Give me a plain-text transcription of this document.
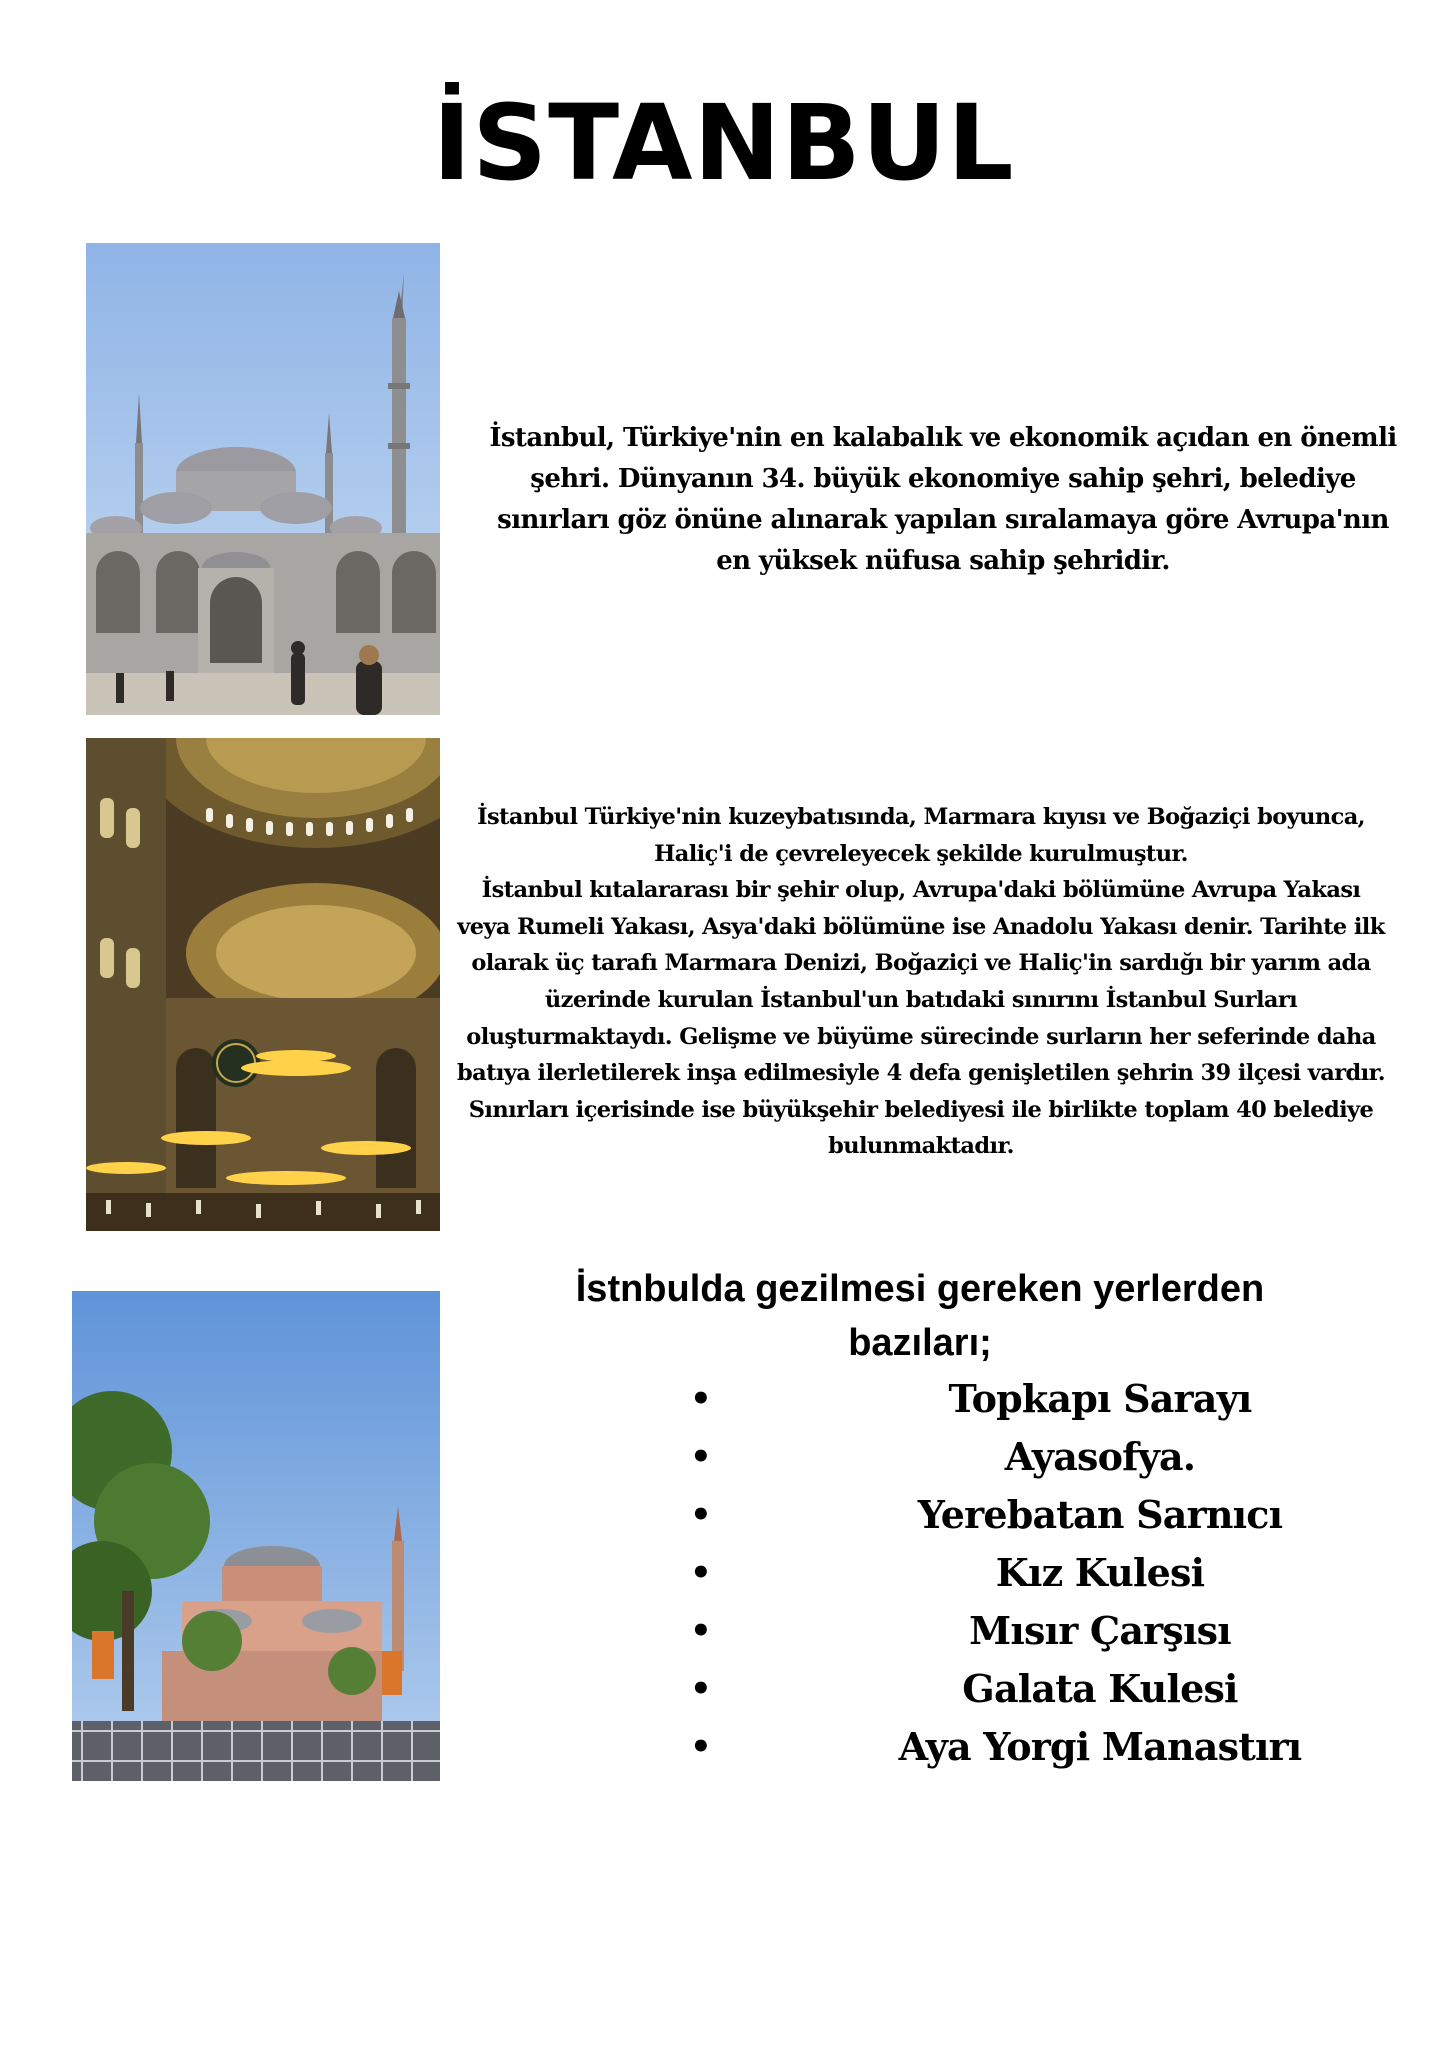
İSTANBUL
İstanbul, Türkiye'nin en kalabalık ve ekonomik açıdan en önemli şehri. Dünyanın 34. büyük ekonomiye sahip şehri, belediye sınırları göz önüne alınarak yapılan sıralamaya göre Avrupa'nın en yüksek nüfusa sahip şehridir.
İstanbul Türkiye'nin kuzeybatısında, Marmara kıyısı ve Boğaziçi boyunca, Haliç'i de çevreleyecek şekilde kurulmuştur.
İstanbul kıtalararası bir şehir olup, Avrupa'daki bölümüne Avrupa Yakası veya Rumeli Yakası, Asya'daki bölümüne ise Anadolu Yakası denir. Tarihte ilk olarak üç tarafı Marmara Denizi, Boğaziçi ve Haliç'in sardığı bir yarım ada üzerinde kurulan İstanbul'un batıdaki sınırını İstanbul Surları oluşturmaktaydı. Gelişme ve büyüme sürecinde surların her seferinde daha batıya ilerletilerek inşa edilmesiyle 4 defa genişletilen şehrin 39 ilçesi vardır. Sınırları içerisinde ise büyükşehir belediyesi ile birlikte toplam 40 belediye bulunmaktadır.
İstnbulda gezilmesi gereken yerlerden bazıları;
•	Topkapı Sarayı
•	Ayasofya.
•	Yerebatan Sarnıcı
•	Kız Kulesi
•	Mısır Çarşısı
•	Galata Kulesi
•	Aya Yorgi Manastırı
